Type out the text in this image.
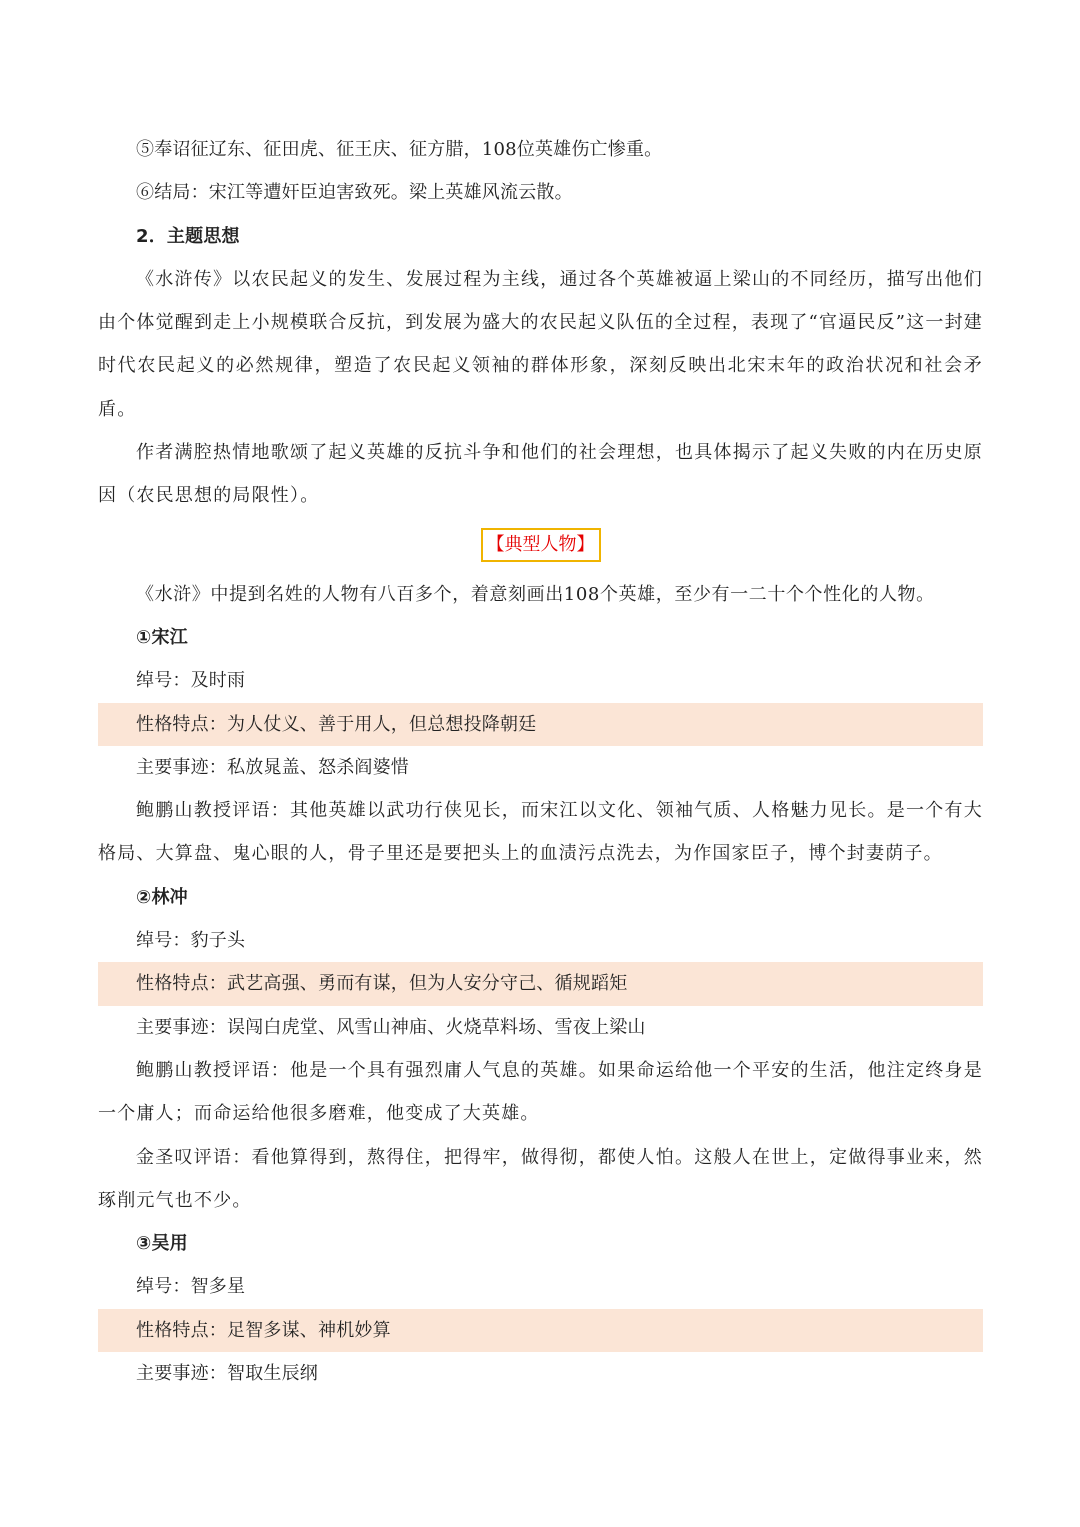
⑤奉诏征辽东、征田虎、征王庆、征方腊，108位英雄伤亡惨重。
⑥结局：宋江等遭奸臣迫害致死。梁上英雄风流云散。
2．主题思想
《水浒传》以农民起义的发生、发展过程为主线，通过各个英雄被逼上梁山的不同经历，描写出他们由个体觉醒到走上小规模联合反抗，到发展为盛大的农民起义队伍的全过程，表现了“官逼民反”这一封建时代农民起义的必然规律，塑造了农民起义领袖的群体形象，深刻反映出北宋末年的政治状况和社会矛盾。
作者满腔热情地歌颂了起义英雄的反抗斗争和他们的社会理想，也具体揭示了起义失败的内在历史原因（农民思想的局限性）。
【典型人物】
《水浒》中提到名姓的人物有八百多个，着意刻画出108个英雄，至少有一二十个个性化的人物。
①宋江
绰号：及时雨
性格特点：为人仗义、善于用人，但总想投降朝廷
主要事迹：私放晁盖、怒杀阎婆惜
鲍鹏山教授评语：其他英雄以武功行侠见长，而宋江以文化、领袖气质、人格魅力见长。是一个有大格局、大算盘、鬼心眼的人，骨子里还是要把头上的血渍污点洗去，为作国家臣子，博个封妻荫子。
②林冲
绰号：豹子头
性格特点：武艺高强、勇而有谋，但为人安分守己、循规蹈矩
主要事迹：误闯白虎堂、风雪山神庙、火烧草料场、雪夜上梁山
鲍鹏山教授评语：他是一个具有强烈庸人气息的英雄。如果命运给他一个平安的生活，他注定终身是一个庸人；而命运给他很多磨难，他变成了大英雄。
金圣叹评语：看他算得到，熬得住，把得牢，做得彻，都使人怕。这般人在世上，定做得事业来，然琢削元气也不少。
③吴用
绰号：智多星
性格特点：足智多谋、神机妙算
主要事迹：智取生辰纲
